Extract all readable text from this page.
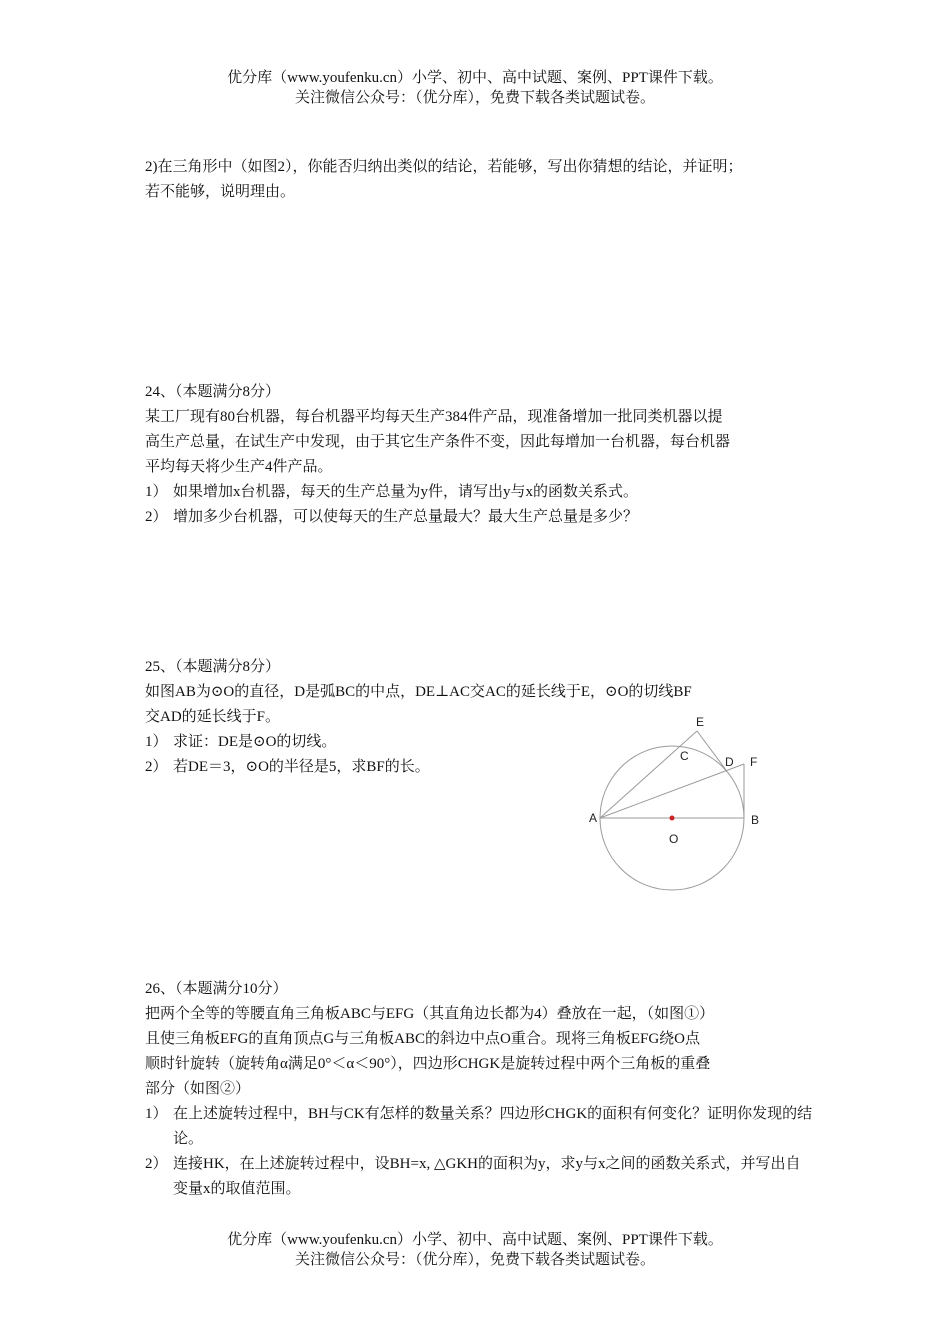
优分库（www.youfenku.cn）小学、初中、高中试题、案例、PPT课件下载。
关注微信公众号：（优分库），免费下载各类试题试卷。
2)在三角形中（如图2），你能否归纳出类似的结论，若能够，写出你猜想的结论，并证明；
若不能够，说明理由。
24、（本题满分8分）
某工厂现有80台机器，每台机器平均每天生产384件产品，现准备增加一批同类机器以提
高生产总量，在试生产中发现，由于其它生产条件不变，因此每增加一台机器，每台机器
平均每天将少生产4件产品。
1） 如果增加x台机器，每天的生产总量为y件，请写出y与x的函数关系式。
2） 增加多少台机器，可以使每天的生产总量最大？最大生产总量是多少？
25、（本题满分8分）
如图AB为⊙O的直径，D是弧BC的中点，DE⊥AC交AC的延长线于E，⊙O的切线BF
交AD的延长线于F。
1） 求证：DE是⊙O的切线。
2） 若DE＝3，⊙O的半径是5，求BF的长。
E
C	D F
A	B
O
26、（本题满分10分）
把两个全等的等腰直角三角板ABC与EFG（其直角边长都为4）叠放在一起，（如图①）
且使三角板EFG的直角顶点G与三角板ABC的斜边中点O重合。现将三角板EFG绕O点
顺时针旋转（旋转角α满足0°＜α＜90°），四边形CHGK是旋转过程中两个三角板的重叠
部分（如图②）
1） 在上述旋转过程中，BH与CK有怎样的数量关系？四边形CHGK的面积有何变化？证明你发现的结论。
2） 连接HK，在上述旋转过程中，设BH=x, △GKH的面积为y，求y与x之间的函数关系式，并写出自变量x的取值范围。
优分库（www.youfenku.cn）小学、初中、高中试题、案例、PPT课件下载。
关注微信公众号：（优分库），免费下载各类试题试卷。
